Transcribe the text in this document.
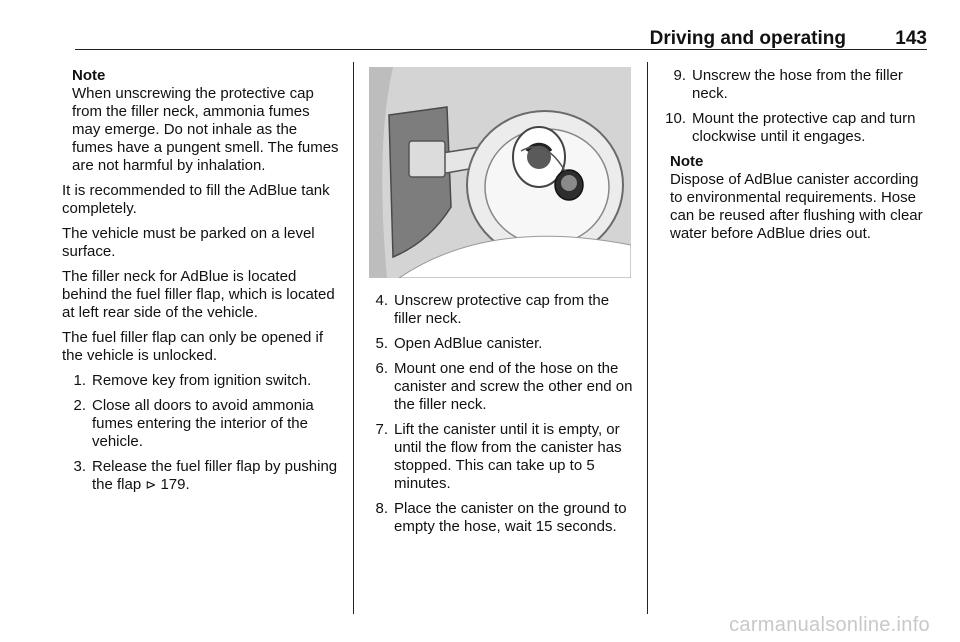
Driving and operating	143
Note
When unscrewing the protective cap from the filler neck, ammonia fumes may emerge. Do not inhale as the fumes have a pungent smell. The fumes are not harmful by inhalation.

It is recommended to fill the AdBlue tank completely.

The vehicle must be parked on a level surface.

The filler neck for AdBlue is located behind the fuel filler flap, which is located at left rear side of the vehicle.

The fuel filler flap can only be opened if the vehicle is unlocked.

1. Remove key from ignition switch.
2. Close all doors to avoid ammonia fumes entering the interior of the vehicle.
3. Release the fuel filler flap by pushing the flap ⊳ 179.
4. Unscrew protective cap from the filler neck.
5. Open AdBlue canister.
6. Mount one end of the hose on the canister and screw the other end on the filler neck.
7. Lift the canister until it is empty, or until the flow from the canister has stopped. This can take up to 5 minutes.
8. Place the canister on the ground to empty the hose, wait 15 seconds.
9. Unscrew the hose from the filler neck.
10. Mount the protective cap and turn clockwise until it engages.
Note
Dispose of AdBlue canister according to environmental requirements. Hose can be reused after flushing with clear water before AdBlue dries out.
carmanualsonline.info
